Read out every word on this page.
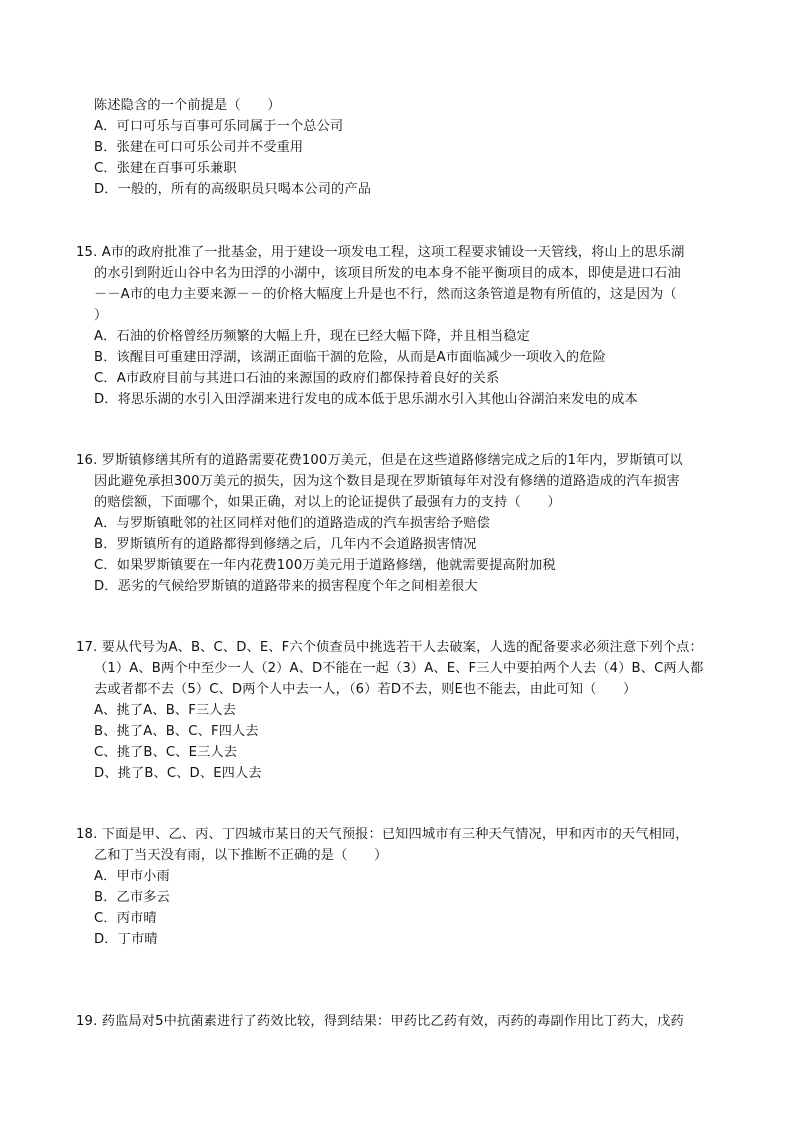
陈述隐含的一个前提是（　　）
A．可口可乐与百事可乐同属于一个总公司
B．张建在可口可乐公司并不受重用
C．张建在百事可乐兼职
D．一般的，所有的高级职员只喝本公司的产品
15. A市的政府批准了一批基金，用于建设一项发电工程，这项工程要求铺设一天管线，将山上的思乐湖
的水引到附近山谷中名为田浮的小湖中，该项目所发的电本身不能平衡项目的成本，即使是进口石油
－－A市的电力主要来源－－的价格大幅度上升是也不行，然而这条管道是物有所值的，这是因为（
）
A．石油的价格曾经历频繁的大幅上升，现在已经大幅下降，并且相当稳定
B．该醒目可重建田浮湖，该湖正面临干涸的危险，从而是A市面临减少一项收入的危险
C．A市政府目前与其进口石油的来源国的政府们都保持着良好的关系
D．将思乐湖的水引入田浮湖来进行发电的成本低于思乐湖水引入其他山谷湖泊来发电的成本
16. 罗斯镇修缮其所有的道路需要花费100万美元，但是在这些道路修缮完成之后的1年内，罗斯镇可以
因此避免承担300万美元的损失，因为这个数目是现在罗斯镇每年对没有修缮的道路造成的汽车损害
的赔偿额，下面哪个，如果正确，对以上的论证提供了最强有力的支持（　　）
A．与罗斯镇毗邻的社区同样对他们的道路造成的汽车损害给予赔偿
B．罗斯镇所有的道路都得到修缮之后，几年内不会道路损害情况
C．如果罗斯镇要在一年内花费100万美元用于道路修缮，他就需要提高附加税
D．恶劣的气候给罗斯镇的道路带来的损害程度个年之间相差很大
17. 要从代号为A、B、C、D、E、F六个侦查员中挑选若干人去破案，人选的配备要求必须注意下列个点：
（1）A、B两个中至少一人（2）A、D不能在一起（3）A、E、F三人中要拍两个人去（4）B、C两人都
去或者都不去（5）C、D两个人中去一人，（6）若D不去，则E也不能去，由此可知（　　）
A、挑了A、B、F三人去
B、挑了A、B、C、F四人去
C、挑了B、C、E三人去
D、挑了B、C、D、E四人去
18. 下面是甲、乙、丙、丁四城市某日的天气预报：已知四城市有三种天气情况，甲和丙市的天气相同，
乙和丁当天没有雨，以下推断不正确的是（　　）
A．甲市小雨
B．乙市多云
C．丙市晴
D．丁市晴
19. 药监局对5中抗菌素进行了药效比较，得到结果：甲药比乙药有效，丙药的毒副作用比丁药大，戊药
